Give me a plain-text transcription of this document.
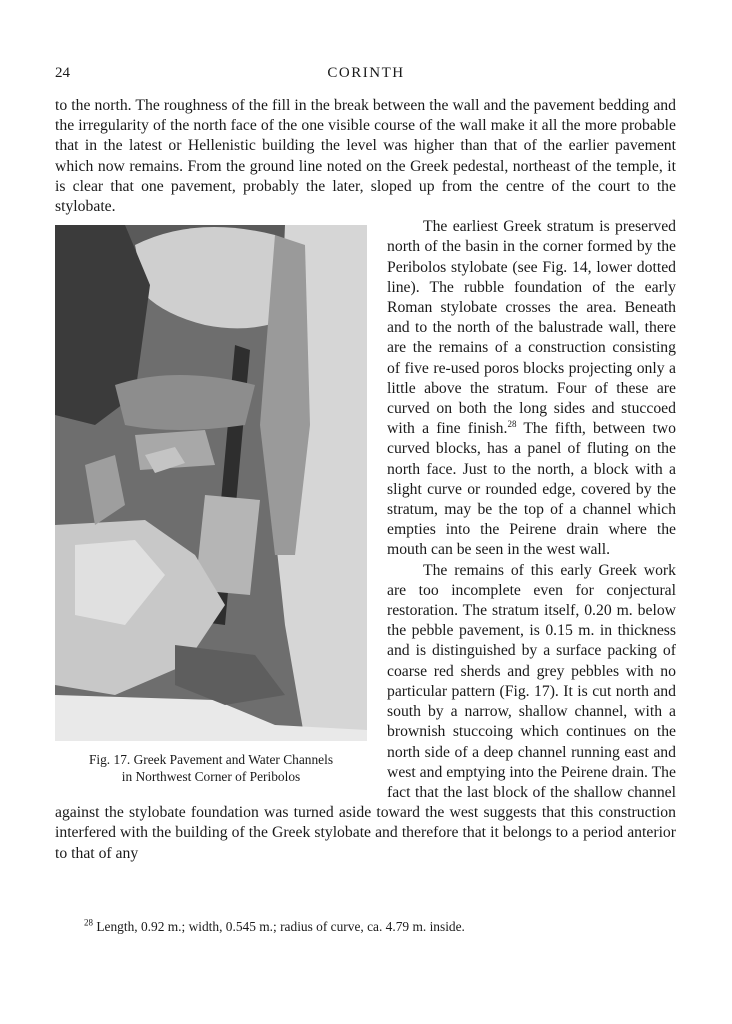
24	CORINTH

to the north. The roughness of the fill in the break between the wall and the pavement bedding and the irregularity of the north face of the one visible course of the wall make it all the more probable that in the latest or Hellenistic building the level was higher than that of the earlier pavement which now remains. From the ground line noted on the Greek pedestal, northeast of the temple, it is clear that one pavement, probably the later, sloped up from the centre of the court to the stylobate.

Fig. 17. Greek Pavement and Water Channels
in Northwest Corner of Peribolos

The earliest Greek stratum is preserved north of the basin in the corner formed by the Peribolos stylobate (see Fig. 14, lower dotted line). The rubble foundation of the early Roman stylobate crosses the area. Beneath and to the north of the balustrade wall, there are the remains of a construction consisting of five re-used poros blocks projecting only a little above the stratum. Four of these are curved on both the long sides and stuccoed with a fine finish.$^{28}$ The fifth, between two curved blocks, has a panel of fluting on the north face. Just to the north, a block with a slight curve or rounded edge, covered by the stratum, may be the top of a channel which empties into the Peirene drain where the mouth can be seen in the west wall.

The remains of this early Greek work are too incomplete even for conjectural restoration. The stratum itself, 0.20 m. below the pebble pavement, is 0.15 m. in thickness and is distinguished by a surface packing of coarse red sherds and grey pebbles with no particular pattern (Fig. 17). It is cut north and south by a narrow, shallow channel, with a brownish stuccoing which continues on the north side of a deep channel running east and west and emptying into the Peirene drain. The fact that the last block of the shallow channel against the stylobate foundation was turned aside toward the west suggests that this construction interfered with the building of the Greek stylobate and therefore that it belongs to a period anterior to that of any

$^{28}$ Length, 0.92 m.; width, 0.545 m.; radius of curve, ca. 4.79 m. inside.
